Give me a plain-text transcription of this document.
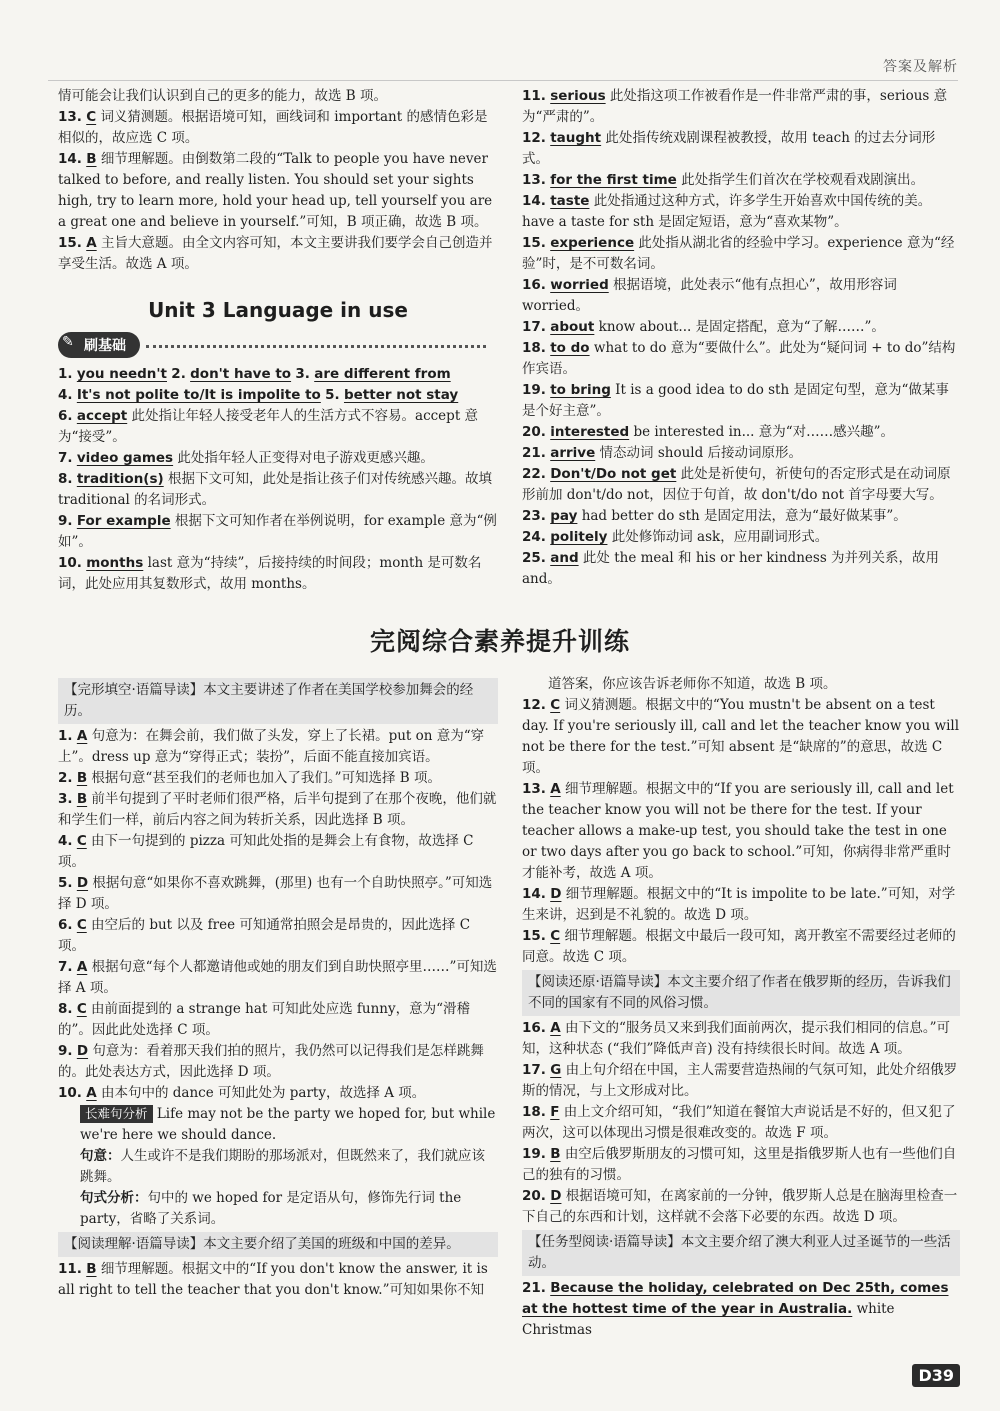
答案及解析

情可能会让我们认识到自己的更多的能力，故选 B 项。

13. C 词义猜测题。根据语境可知，画线词和 important 的感情色彩是相似的，故应选 C 项。

14. B 细节理解题。由倒数第二段的“Talk to people you have never talked to before, and really listen. You should set your sights high, try to learn more, hold your head up, tell yourself you are a great one and believe in yourself.”可知，B 项正确，故选 B 项。

15. A 主旨大意题。由全文内容可知，本文主要讲我们要学会自己创造并享受生活。故选 A 项。

Unit 3 Language in use
✎ 刷基础

1. you needn't 2. don't have to 3. are different from

4. It's not polite to/It is impolite to 5. better not stay

6. accept 此处指让年轻人接受老年人的生活方式不容易。accept 意为“接受”。

7. video games 此处指年轻人正变得对电子游戏更感兴趣。

8. tradition(s) 根据下文可知，此处是指让孩子们对传统感兴趣。故填 traditional 的名词形式。

9. For example 根据下文可知作者在举例说明，for example 意为“例如”。

10. months last 意为“持续”，后接持续的时间段；month 是可数名词，此处应用其复数形式，故用 months。

11. serious 此处指这项工作被看作是一件非常严肃的事，serious 意为“严肃的”。

12. taught 此处指传统戏剧课程被教授，故用 teach 的过去分词形式。

13. for the first time 此处指学生们首次在学校观看戏剧演出。

14. taste 此处指通过这种方式，许多学生开始喜欢中国传统的美。have a taste for sth 是固定短语，意为“喜欢某物”。

15. experience 此处指从湖北省的经验中学习。experience 意为“经验”时，是不可数名词。

16. worried 根据语境，此处表示“他有点担心”，故用形容词 worried。

17. about know about... 是固定搭配，意为“了解……”。

18. to do what to do 意为“要做什么”。此处为“疑问词 + to do”结构作宾语。

19. to bring It is a good idea to do sth 是固定句型，意为“做某事是个好主意”。

20. interested be interested in... 意为“对……感兴趣”。

21. arrive 情态动词 should 后接动词原形。

22. Don't/Do not get 此处是祈使句，祈使句的否定形式是在动词原形前加 don't/do not，因位于句首，故 don't/do not 首字母要大写。

23. pay had better do sth 是固定用法，意为“最好做某事”。

24. politely 此处修饰动词 ask，应用副词形式。

25. and 此处 the meal 和 his or her kindness 为并列关系，故用 and。

完阅综合素养提升训练
【完形填空·语篇导读】本文主要讲述了作者在美国学校参加舞会的经历。

1. A 句意为：在舞会前，我们做了头发，穿上了长裙。put on 意为“穿上”。dress up 意为“穿得正式；装扮”，后面不能直接加宾语。

2. B 根据句意“甚至我们的老师也加入了我们。”可知选择 B 项。

3. B 前半句提到了平时老师们很严格，后半句提到了在那个夜晚，他们就和学生们一样，前后内容之间为转折关系，因此选择 B 项。

4. C 由下一句提到的 pizza 可知此处指的是舞会上有食物，故选择 C 项。

5. D 根据句意“如果你不喜欢跳舞，(那里) 也有一个自助快照亭。”可知选择 D 项。

6. C 由空后的 but 以及 free 可知通常拍照会是昂贵的，因此选择 C 项。

7. A 根据句意“每个人都邀请他或她的朋友们到自助快照亭里……”可知选择 A 项。

8. C 由前面提到的 a strange hat 可知此处应选 funny，意为“滑稽的”。因此此处选择 C 项。

9. D 句意为：看着那天我们拍的照片，我仍然可以记得我们是怎样跳舞的。此处表达方式，因此选择 D 项。

10. A 由本句中的 dance 可知此处为 party，故选择 A 项。

长难句分析 Life may not be the party we hoped for, but while we're here we should dance.

句意：人生或许不是我们期盼的那场派对，但既然来了，我们就应该跳舞。

句式分析：句中的 we hoped for 是定语从句，修饰先行词 the party，省略了关系词。

【阅读理解·语篇导读】本文主要介绍了美国的班级和中国的差异。

11. B 细节理解题。根据文中的“If you don't know the answer, it is all right to tell the teacher that you don't know.”可知如果你不知

道答案，你应该告诉老师你不知道，故选 B 项。

12. C 词义猜测题。根据文中的“You mustn't be absent on a test day. If you're seriously ill, call and let the teacher know you will not be there for the test.”可知 absent 是“缺席的”的意思，故选 C 项。

13. A 细节理解题。根据文中的“If you are seriously ill, call and let the teacher know you will not be there for the test. If your teacher allows a make-up test, you should take the test in one or two days after you go back to school.”可知，你病得非常严重时才能补考，故选 A 项。

14. D 细节理解题。根据文中的“It is impolite to be late.”可知，对学生来讲，迟到是不礼貌的。故选 D 项。

15. C 细节理解题。根据文中最后一段可知，离开教室不需要经过老师的同意。故选 C 项。

【阅读还原·语篇导读】本文主要介绍了作者在俄罗斯的经历，告诉我们不同的国家有不同的风俗习惯。

16. A 由下文的“服务员又来到我们面前两次，提示我们相同的信息。”可知，这种状态 (“我们”降低声音) 没有持续很长时间。故选 A 项。

17. G 由上句介绍在中国，主人需要营造热闹的气氛可知，此处介绍俄罗斯的情况，与上文形成对比。

18. F 由上文介绍可知，“我们”知道在餐馆大声说话是不好的，但又犯了两次，这可以体现出习惯是很难改变的。故选 F 项。

19. B 由空后俄罗斯朋友的习惯可知，这里是指俄罗斯人也有一些他们自己的独有的习惯。

20. D 根据语境可知，在离家前的一分钟，俄罗斯人总是在脑海里检查一下自己的东西和计划，这样就不会落下必要的东西。故选 D 项。

【任务型阅读·语篇导读】本文主要介绍了澳大利亚人过圣诞节的一些活动。

21. Because the holiday, celebrated on Dec 25th, comes at the hottest time of the year in Australia. white Christmas

D39
